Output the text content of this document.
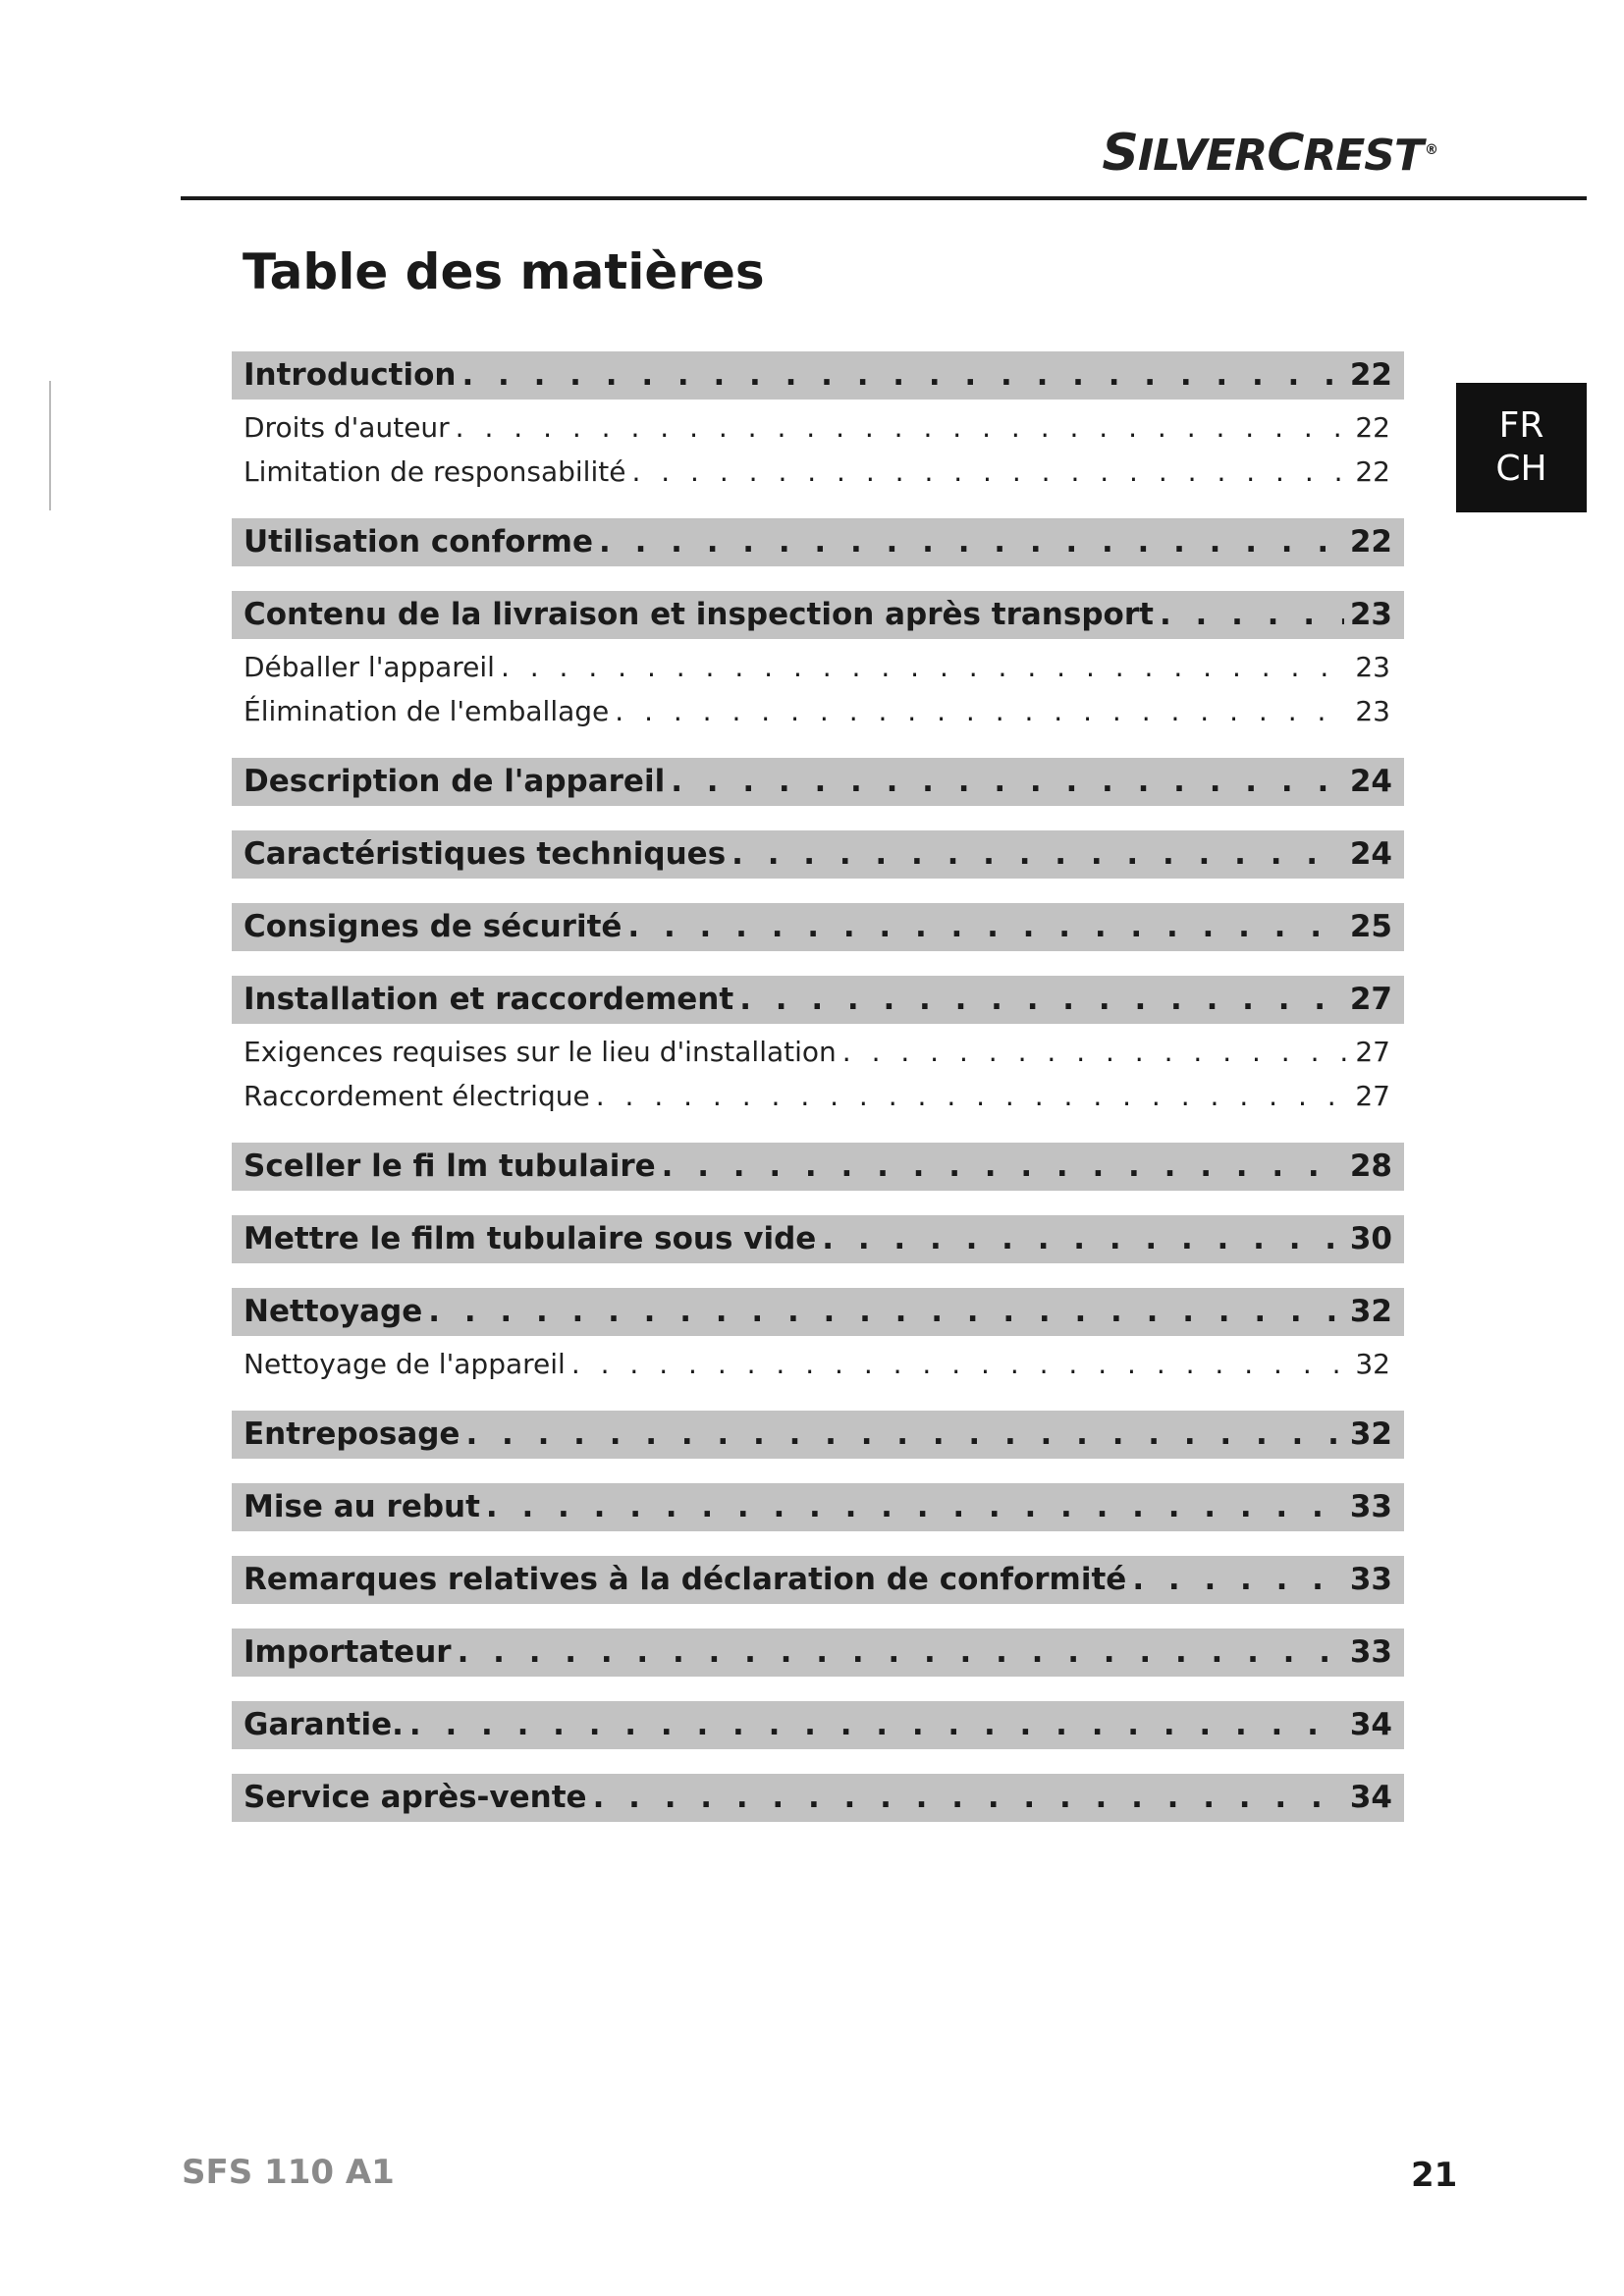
SILVERCREST ®
FR
CH
Table des matières
Introduction . . .	22
Droits d'auteur . . .	22
Limitation de responsabilité . . .	22
Utilisation conforme . . .	22
Contenu de la livraison et inspection après transport . . .	23
Déballer l'appareil . . .	23
Élimination de l'emballage . . .	23
Description de l'appareil . . .	24
Caractéristiques techniques . . .	24
Consignes de sécurité . . .	25
Installation et raccordement . . .	27
Exigences requises sur le lieu d'installation . . .	27
Raccordement électrique . . .	27
Sceller le fi lm tubulaire . . .	28
Mettre le film tubulaire sous vide . . .	30
Nettoyage . . .	32
Nettoyage de l'appareil . . .	32
Entreposage . . .	32
Mise au rebut . . .	33
Remarques relatives à la déclaration de conformité . . .	33
Importateur . . .	33
Garantie. . . .	34
Service après-vente . . .	34
SFS 110 A1	21
